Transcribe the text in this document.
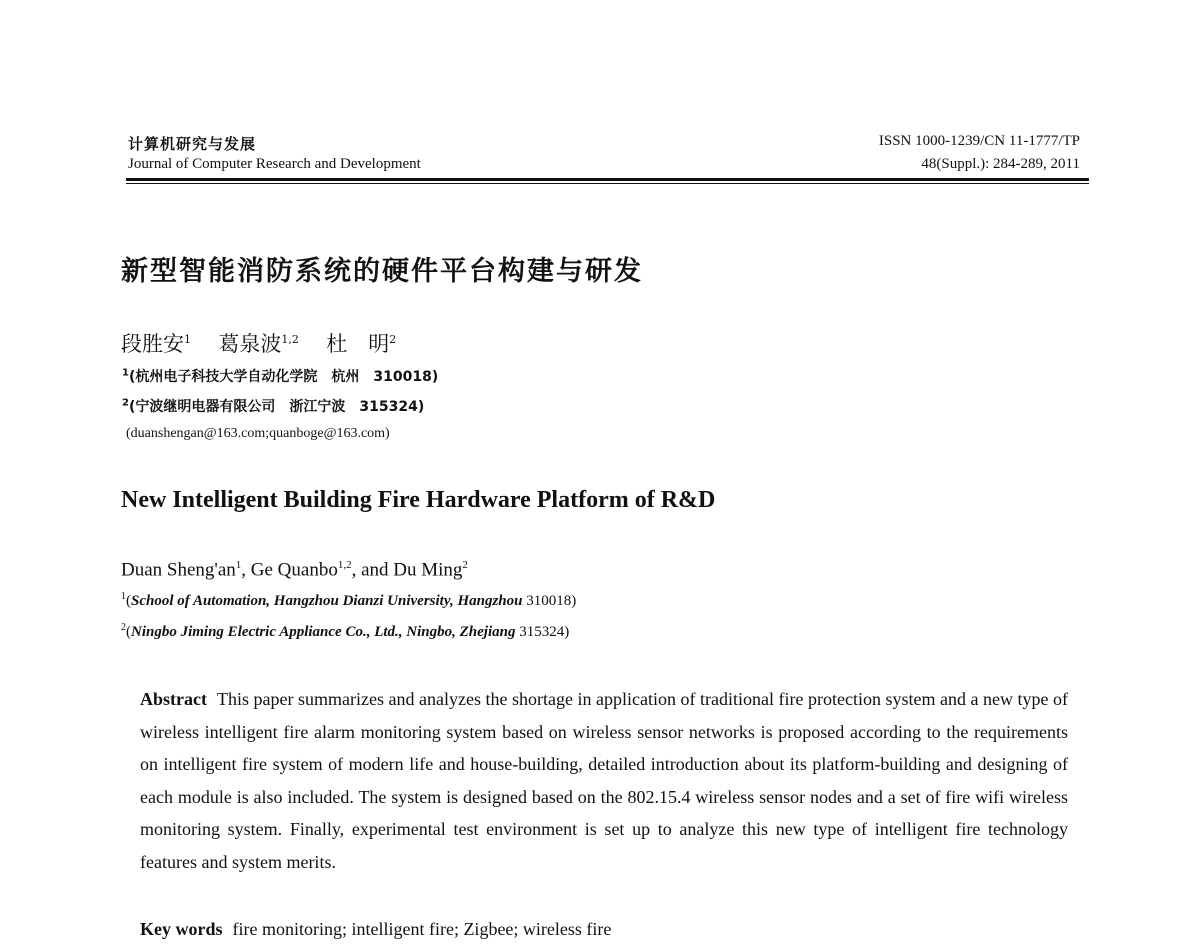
计算机研究与发展
Journal of Computer Research and Development
ISSN 1000-1239/CN 11-1777/TP
48(Suppl.): 284-289, 2011
新型智能消防系统的硬件平台构建与研发
段胜安$^1$ 葛泉波$^{1,2}$ 杜　明$^2$
$^1$(杭州电子科技大学自动化学院　杭州　310018)
$^2$(宁波继明电器有限公司　浙江宁波　315324)
(duanshengan@163.com;quanboge@163.com)
New Intelligent Building Fire Hardware Platform of R&D
Duan $Sheng'an^1$, Ge Quanbo$^{1,2}$, and Du Ming$^2$
$^1$(School of Automation, Hangzhou Dianzi University, Hangzhou 310018)
$^2$(Ningbo Jiming Electric Appliance Co., Ltd., Ningbo, Zhejiang 315324)
Abstract This paper summarizes and analyzes the shortage in application of traditional fire protection system and a new type of wireless intelligent fire alarm monitoring system based on wireless sensor networks is proposed according to the requirements on intelligent fire system of modern life and house-building, detailed introduction about its platform-building and designing of each module is also included. The system is designed based on the 802.15.4 wireless sensor nodes and a set of fire wifi wireless monitoring system. Finally, experimental test environment is set up to analyze this new type of intelligent fire technology features and system merits.
Key words fire monitoring; intelligent fire; Zigbee; wireless fire
